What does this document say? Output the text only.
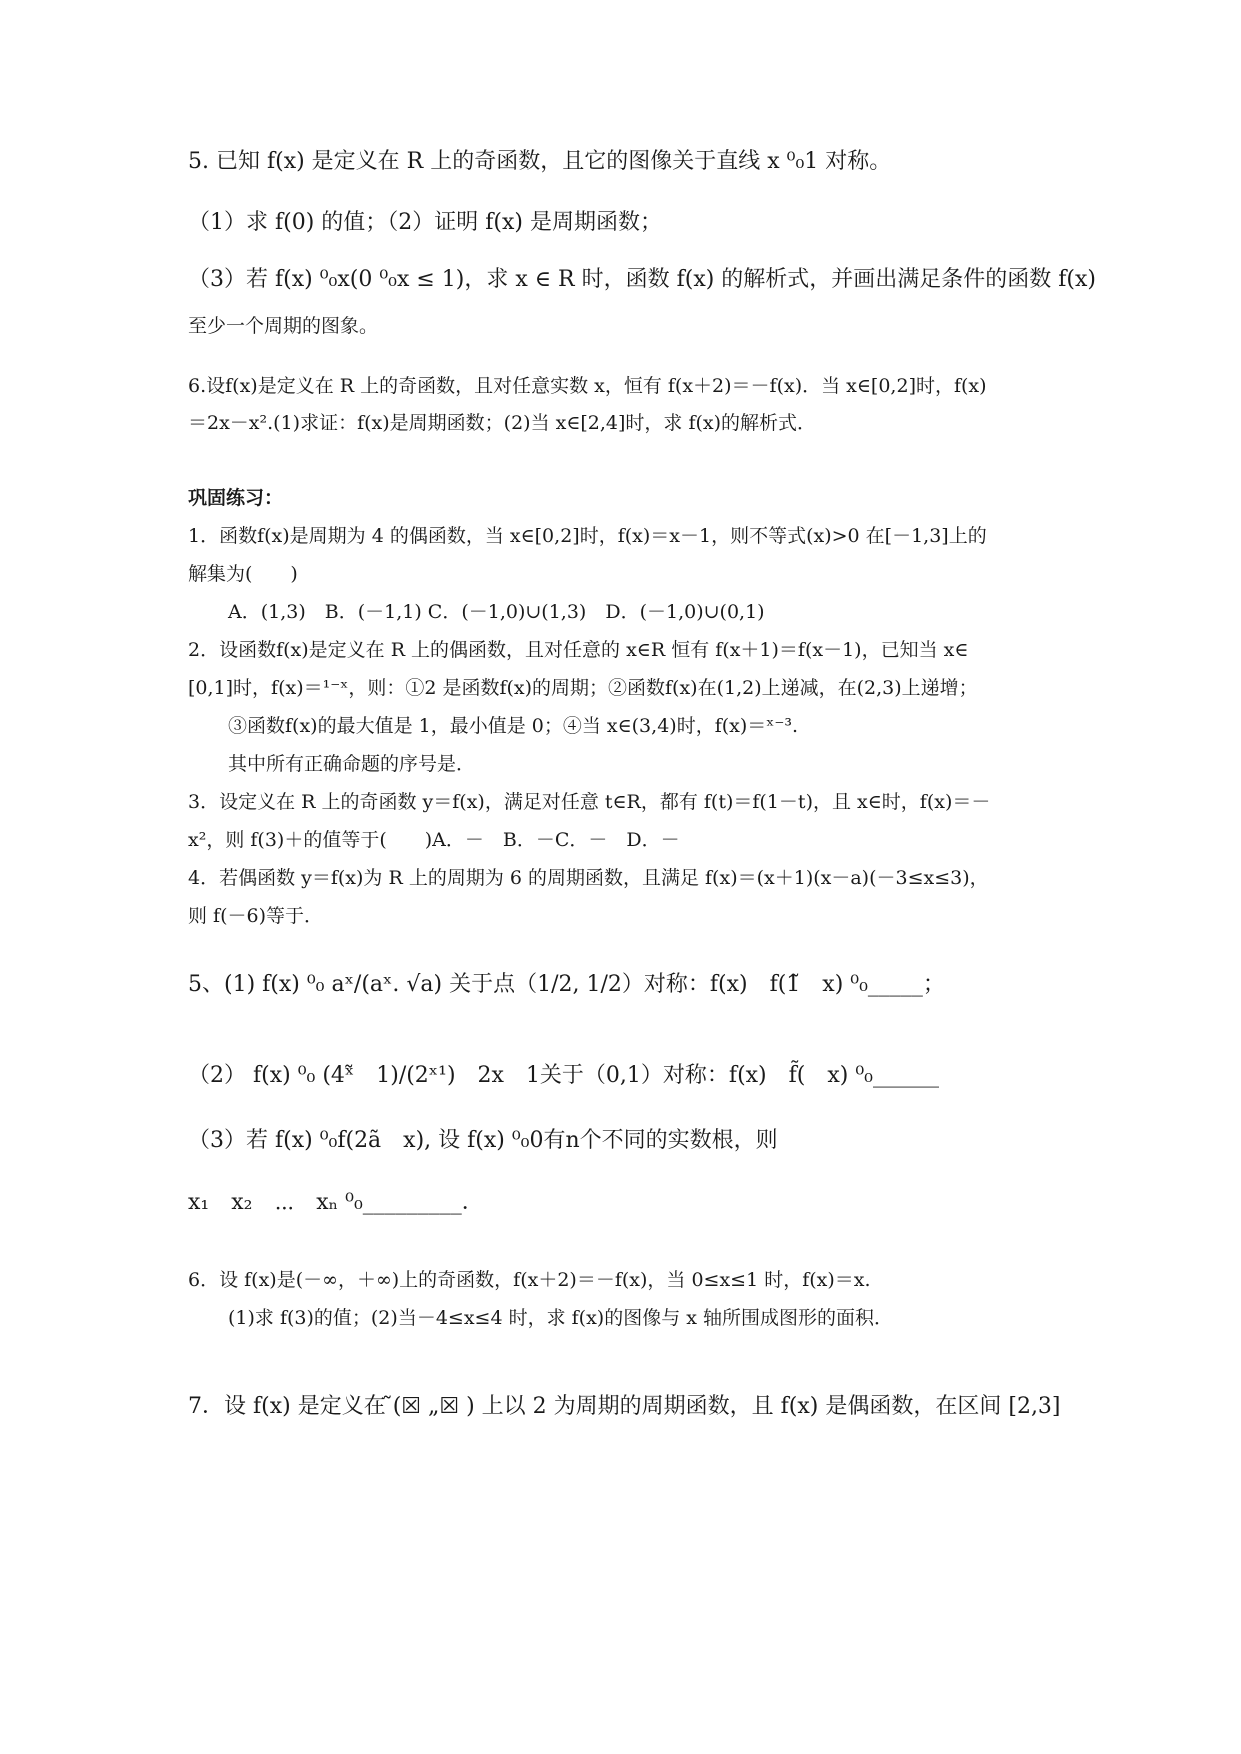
5. 已知 f(x) 是定义在 R 上的奇函数，且它的图像关于直线 x ⁰₀1 对称。
（1）求 f(0) 的值；（2）证明 f(x) 是周期函数；
（3）若 f(x) ⁰₀x(0 ⁰₀x ≤ 1)，求 x ∈ R 时，函数 f(x) 的解析式，并画出满足条件的函数 f(x)
至少一个周期的图象。
6.设f(x)是定义在 R 上的奇函数，且对任意实数 x，恒有 f(x＋2)＝－f(x)．当 x∈[0,2]时，f(x)
＝2x－x².(1)求证：f(x)是周期函数；(2)当 x∈[2,4]时，求 f(x)的解析式．
巩固练习：
1．函数f(x)是周期为 4 的偶函数，当 x∈[0,2]时，f(x)＝x－1，则不等式(x)>0 在[－1,3]上的
解集为(　　)
A．(1,3)　B．(－1,1) C．(－1,0)∪(1,3)　D．(－1,0)∪(0,1)
2．设函数f(x)是定义在 R 上的偶函数，且对任意的 x∈R 恒有 f(x＋1)＝f(x－1)，已知当 x∈
[0,1]时，f(x)＝¹⁻ˣ，则：①2 是函数f(x)的周期；②函数f(x)在(1,2)上递减，在(2,3)上递增；
③函数f(x)的最大值是 1，最小值是 0；④当 x∈(3,4)时，f(x)＝ˣ⁻³.
其中所有正确命题的序号是．
3．设定义在 R 上的奇函数 y＝f(x)，满足对任意 t∈R，都有 f(t)＝f(1－t)，且 x∈时，f(x)＝－
x²，则 f(3)＋的值等于(　　)A．－　B．－C．－　D．－
4．若偶函数 y＝f(x)为 R 上的周期为 6 的周期函数，且满足 f(x)＝(x＋1)(x－a)(－3≤x≤3)，
则 f(－6)等于．
5、(1) f(x) ⁰₀ aˣ/(aˣ. √a) 关于点（1/2, 1/2）对称：f(x)　f(1̃　x) ⁰₀_____；
（2） f(x) ⁰₀ (4ˣ̃　1)/(2ˣ¹)　2x　1关于（0,1）对称：f(x)　f̃(　x) ⁰₀______
（3）若 f(x) ⁰₀f(2ã　x), 设 f(x) ⁰₀0有n个不同的实数根，则
x₁　x₂　⋯　xₙ ⁰₀_________．
6．设 f(x)是(－∞，＋∞)上的奇函数，f(x＋2)＝－f(x)，当 0≤x≤1 时，f(x)＝x.
(1)求 f(3)的值；(2)当－4≤x≤4 时，求 f(x)的图像与 x 轴所围成图形的面积．
7．设 f(x) 是定义在 ̃(☒ „☒ ) 上以 2 为周期的周期函数，且 f(x) 是偶函数，在区间 [2,3]
